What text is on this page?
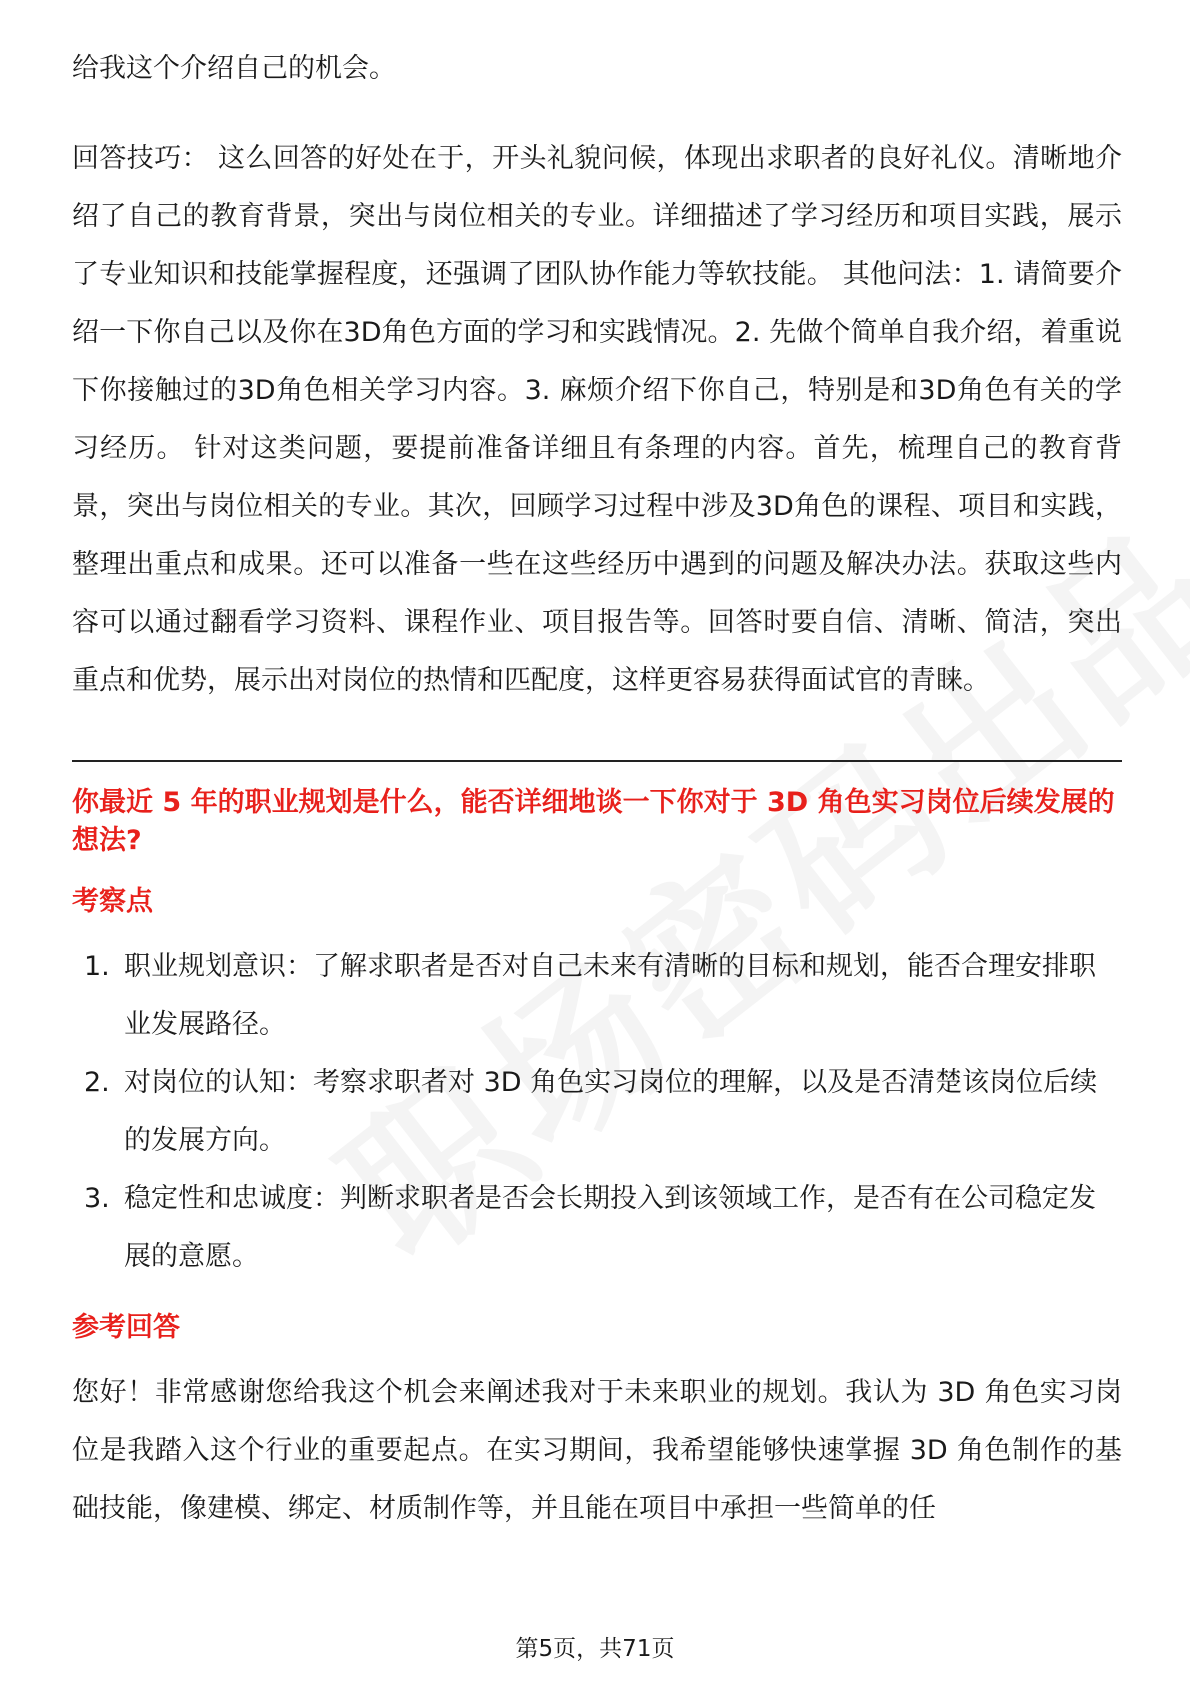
给我这个介绍自己的机会。

回答技巧： 这么回答的好处在于，开头礼貌问候，体现出求职者的良好礼仪。清晰地介绍了自己的教育背景，突出与岗位相关的专业。详细描述了学习经历和项目实践，展示了专业知识和技能掌握程度，还强调了团队协作能力等软技能。 其他问法：1. 请简要介绍一下你自己以及你在3D角色方面的学习和实践情况。2. 先做个简单自我介绍，着重说下你接触过的3D角色相关学习内容。3. 麻烦介绍下你自己，特别是和3D角色有关的学习经历。 针对这类问题，要提前准备详细且有条理的内容。首先，梳理自己的教育背景，突出与岗位相关的专业。其次，回顾学习过程中涉及3D角色的课程、项目和实践，整理出重点和成果。还可以准备一些在这些经历中遇到的问题及解决办法。获取这些内容可以通过翻看学习资料、课程作业、项目报告等。回答时要自信、清晰、简洁，突出重点和优势，展示出对岗位的热情和匹配度，这样更容易获得面试官的青睐。

你最近 5 年的职业规划是什么，能否详细地谈一下你对于 3D 角色实习岗位后续发展的想法?

考察点

1. 职业规划意识：了解求职者是否对自己未来有清晰的目标和规划，能否合理安排职业发展路径。
2. 对岗位的认知：考察求职者对 3D 角色实习岗位的理解，以及是否清楚该岗位后续的发展方向。
3. 稳定性和忠诚度：判断求职者是否会长期投入到该领域工作，是否有在公司稳定发展的意愿。

参考回答

您好！非常感谢您给我这个机会来阐述我对于未来职业的规划。我认为 3D 角色实习岗位是我踏入这个行业的重要起点。在实习期间，我希望能够快速掌握 3D 角色制作的基础技能，像建模、绑定、材质制作等，并且能在项目中承担一些简单的任

第5页，共71页
